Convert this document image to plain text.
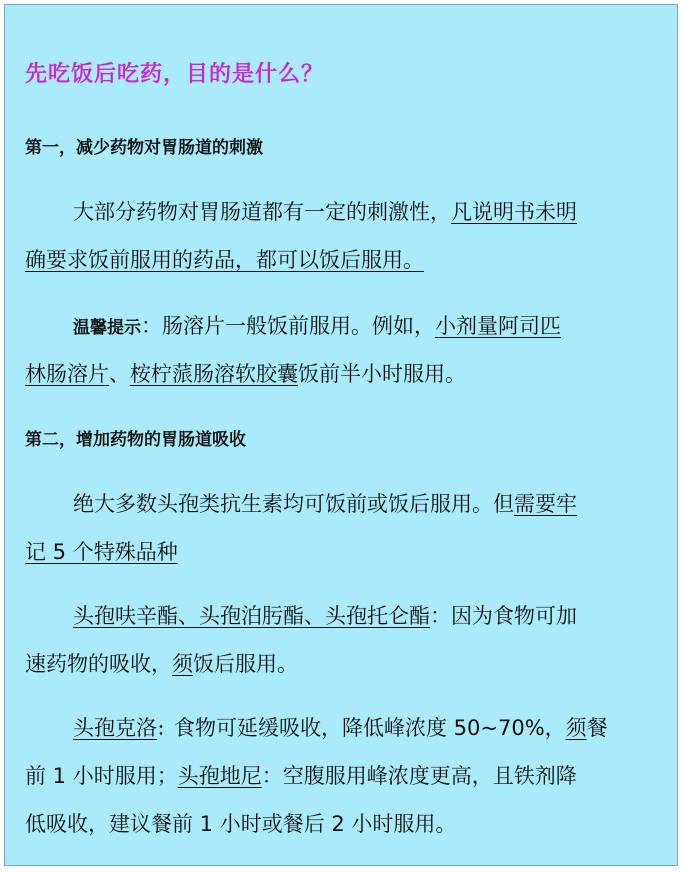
先吃饭后吃药，目的是什么？
第一，减少药物对胃肠道的刺激
大部分药物对胃肠道都有一定的刺激性，凡说明书未明
确要求饭前服用的药品，都可以饭后服用。
温馨提示：肠溶片一般饭前服用。例如，小剂量阿司匹
林肠溶片、桉柠蒎肠溶软胶囊饭前半小时服用。
第二，增加药物的胃肠道吸收
绝大多数头孢类抗生素均可饭前或饭后服用。但需要牢
记 5 个特殊品种
头孢呋辛酯、头孢泊肟酯、头孢托仑酯：因为食物可加
速药物的吸收，须饭后服用。
头孢克洛：食物可延缓吸收，降低峰浓度 50~70%，须餐
前 1 小时服用；头孢地尼：空腹服用峰浓度更高，且铁剂降
低吸收，建议餐前 1 小时或餐后 2 小时服用。
